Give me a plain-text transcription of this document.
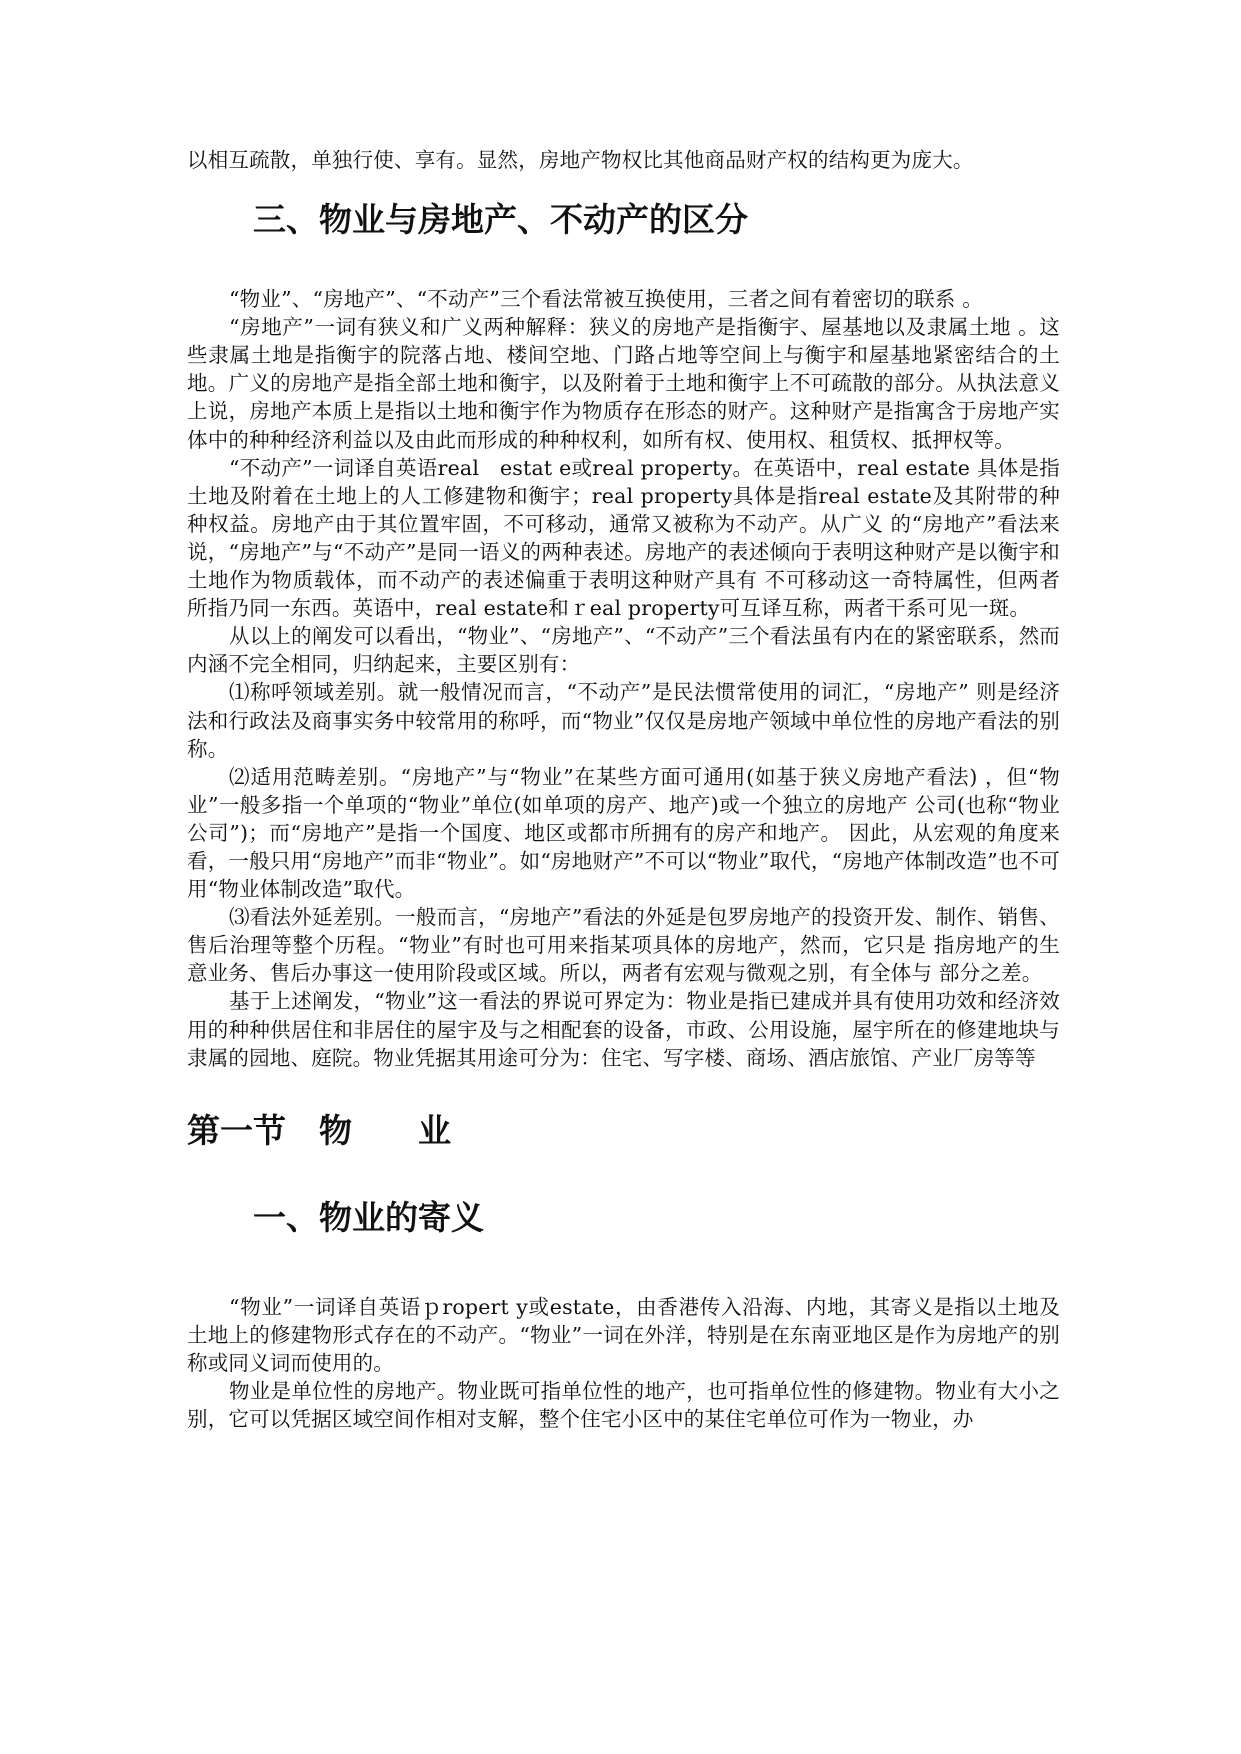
以相互疏散，单独行使、享有。显然，房地产物权比其他商品财产权的结构更为庞大。

三、物业与房地产、不动产的区分

“物业”、“房地产”、“不动产”三个看法常被互换使用，三者之间有着密切的联系 。

“房地产”一词有狭义和广义两种解释：狭义的房地产是指衡宇、屋基地以及隶属土地 。这些隶属土地是指衡宇的院落占地、楼间空地、门路占地等空间上与衡宇和屋基地紧密结合的土地。广义的房地产是指全部土地和衡宇，以及附着于土地和衡宇上不可疏散的部分。从执法意义上说，房地产本质上是指以土地和衡宇作为物质存在形态的财产。这种财产是指寓含于房地产实体中的种种经济利益以及由此而形成的种种权利，如所有权、使用权、租赁权、抵押权等。

“不动产”一词译自英语real　estat e或real property。在英语中，real estate 具体是指土地及附着在土地上的人工修建物和衡宇；real property具体是指real estate及其附带的种种权益。房地产由于其位置牢固，不可移动，通常又被称为不动产。从广义 的“房地产”看法来说，“房地产”与“不动产”是同一语义的两种表述。房地产的表述倾向于表明这种财产是以衡宇和土地作为物质载体，而不动产的表述偏重于表明这种财产具有 不可移动这一奇特属性，但两者所指乃同一东西。英语中，real estate和ｒeal property可互译互称，两者干系可见一斑。

从以上的阐发可以看出，“物业”、“房地产”、“不动产”三个看法虽有内在的紧密联系，然而内涵不完全相同，归纳起来，主要区别有：

⑴称呼领域差别。就一般情况而言，“不动产”是民法惯常使用的词汇，“房地产” 则是经济法和行政法及商事实务中较常用的称呼，而“物业”仅仅是房地产领域中单位性的房地产看法的别称。

⑵适用范畴差别。“房地产”与“物业”在某些方面可通用(如基于狭义房地产看法) ，但“物业”一般多指一个单项的“物业”单位(如单项的房产、地产)或一个独立的房地产 公司(也称“物业公司”)；而“房地产”是指一个国度、地区或都市所拥有的房产和地产。 因此，从宏观的角度来看，一般只用“房地产”而非“物业”。如“房地财产”不可以“物业”取代，“房地产体制改造”也不可用“物业体制改造”取代。

⑶看法外延差别。一般而言，“房地产”看法的外延是包罗房地产的投资开发、制作、销售、售后治理等整个历程。“物业”有时也可用来指某项具体的房地产，然而，它只是 指房地产的生意业务、售后办事这一使用阶段或区域。所以，两者有宏观与微观之别，有全体与 部分之差。

基于上述阐发，“物业”这一看法的界说可界定为：物业是指已建成并具有使用功效和经济效用的种种供居住和非居住的屋宇及与之相配套的设备，市政、公用设施，屋宇所在的修建地块与隶属的园地、庭院。物业凭据其用途可分为：住宅、写字楼、商场、酒店旅馆、产业厂房等等

第一节　物　　业
一、物业的寄义

“物业”一词译自英语ｐropert y或estate，由香港传入沿海、内地，其寄义是指以土地及土地上的修建物形式存在的不动产。“物业”一词在外洋，特别是在东南亚地区是作为房地产的别称或同义词而使用的。

物业是单位性的房地产。物业既可指单位性的地产，也可指单位性的修建物。物业有大小之别，它可以凭据区域空间作相对支解，整个住宅小区中的某住宅单位可作为一物业，办
